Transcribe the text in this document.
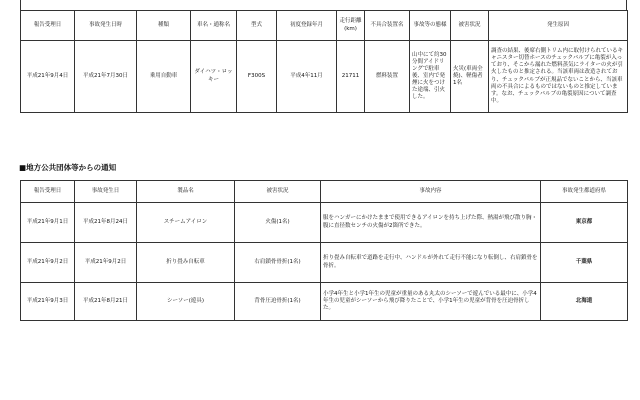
報告受理日	事故発生日時	種類	車名・通称名	型式	初度登録年月	走行距離(km)	不具合装置名	事故等の態様	被害状況	発生原因
平成21年9月4日	平成21年7月30日	乗用自動車	ダイハツ・ロッキー	F300S	平成4年11月	21711	燃料装置	山中にて約30分間アイドリングで駐車後、室内で発煙に火をつけた途端、引火した。	火災(車両全焼)、軽傷者1名	調査の結果、後席右側トリム内に取付けられているキャニスター切替ホースのチェックバルブに亀裂が入っており、そこから漏れた燃料蒸気にライターの火が引火したものと推定される。当該車両は改造されており、チェックバルブが正規品でないことから、当該車両の不具合によるものではないものと推定しています。なお、チェックバルブの亀裂原因について調査中。
■地方公共団体等からの通知
報告受理日	事故発生日	製品名	被害状況	事故内容	事故発生都道府県
平成21年9月1日	平成21年8月24日	スチームアイロン	火傷(1名)	服をハンガーにかけたままで使用できるアイロンを持ち上げた際、熱湯が飛び散り胸・腹に直径数センチの火傷が2箇所できた。	東京都
平成21年9月2日	平成21年9月2日	折り畳み自転車	右肩鎖骨骨折(1名)	折り畳み自転車で道路を走行中、ハンドルが外れて走行不能になり転倒し、右肩鎖骨を骨折。	千葉県
平成21年9月3日	平成21年8月21日	シーソー(遊具)	背骨圧迫骨折(1名)	小学4年生と小学1年生の児童が重量のある丸太のシーソーで遊んでいる最中に、小学4年生の児童がシーソーから飛び降りたことで、小学1年生の児童が背骨を圧迫骨折した。	北海道
